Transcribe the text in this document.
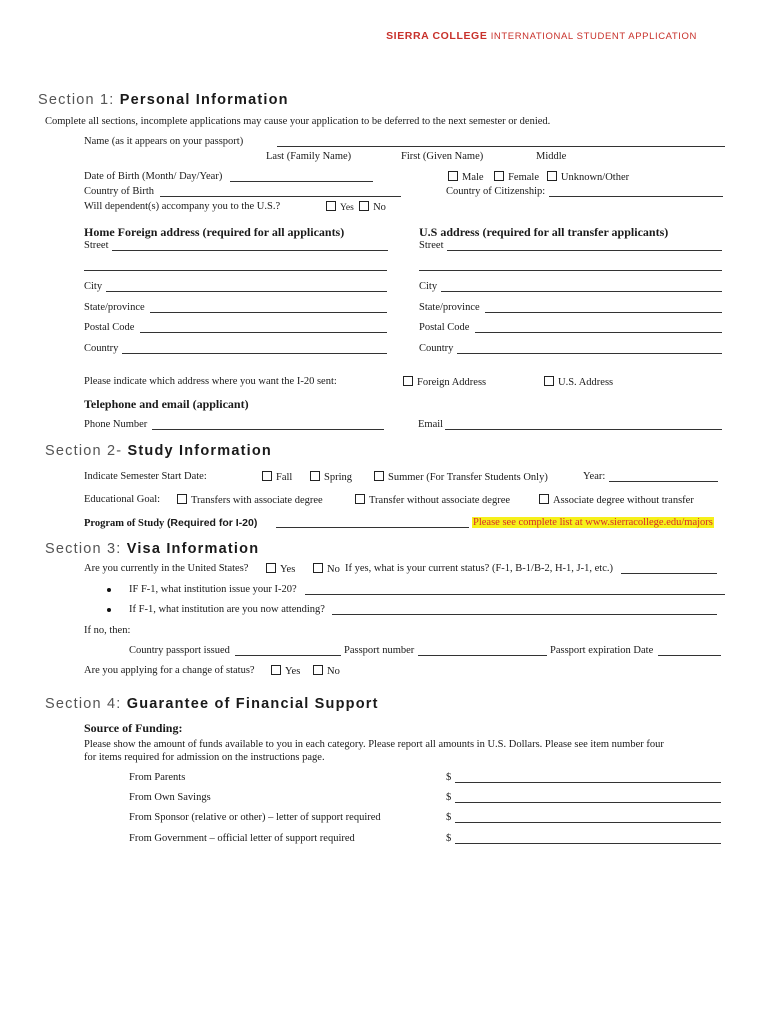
SIERRA COLLEGE INTERNATIONAL STUDENT APPLICATION
Section 1: Personal Information
Complete all sections, incomplete applications may cause your application to be deferred to the next semester or denied.
Name (as it appears on your passport)
Last (Family Name)	First (Given Name)	Middle
Date of Birth (Month/ Day/Year)	Male Female Unknown/Other
Country of Birth	Country of Citizenship:
Will dependent(s) accompany you to the U.S.?	Yes No
Home Foreign address (required for all applicants)	U.S address (required for all transfer applicants)
Street	Street
City	City
State/province	State/province
Postal Code	Postal Code
Country	Country
Please indicate which address where you want the I-20 sent:	Foreign Address	U.S. Address
Telephone and email (applicant)
Phone Number	Email
Section 2- Study Information
Indicate Semester Start Date:	Fall	Spring	Summer (For Transfer Students Only)	Year:
Educational Goal:	Transfers with associate degree	Transfer without associate degree	Associate degree without transfer
Program of Study (Required for I-20)	Please see complete list at www.sierracollege.edu/majors
Section 3: Visa Information
Are you currently in the United States?	Yes	No If yes, what is your current status? (F-1, B-1/B-2, H-1, J-1, etc.)
IF F-1, what institution issue your I-20?
If F-1, what institution are you now attending?
If no, then:
Country passport issued	Passport number	Passport expiration Date
Are you applying for a change of status?	Yes	No
Section 4: Guarantee of Financial Support
Source of Funding:
Please show the amount of funds available to you in each category. Please report all amounts in U.S. Dollars. Please see item number four
for items required for admission on the instructions page.
From Parents	$
From Own Savings	$
From Sponsor (relative or other) – letter of support required	$
From Government – official letter of support required	$
